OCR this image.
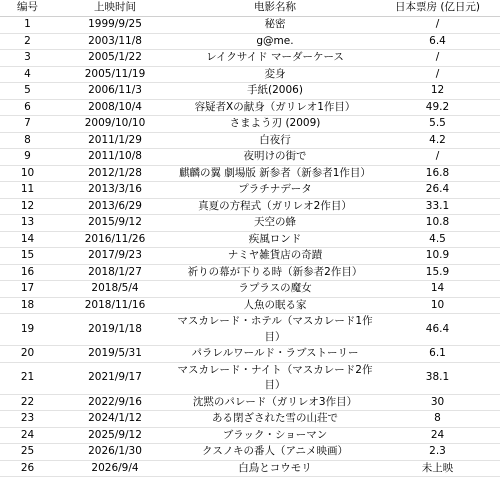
编号	上映时间	电影名称	日本票房 (亿日元)
1	1999/9/25	秘密	/
2	2003/11/8	g@me.	6.4
3	2005/1/22	レイクサイド マーダーケース	/
4	2005/11/19	変身	/
5	2006/11/3	手紙(2006)	12
6	2008/10/4	容疑者Xの献身（ガリレオ1作目）	49.2
7	2009/10/10	さまよう刃 (2009)	5.5
8	2011/1/29	白夜行	4.2
9	2011/10/8	夜明けの街で	/
10	2012/1/28	麒麟の翼 劇場版 新参者（新参者1作目）	16.8
11	2013/3/16	プラチナデータ	26.4
12	2013/6/29	真夏の方程式（ガリレオ2作目）	33.1
13	2015/9/12	天空の蜂	10.8
14	2016/11/26	疾風ロンド	4.5
15	2017/9/23	ナミヤ雑貨店の奇蹟	10.9
16	2018/1/27	祈りの幕が下りる時（新参者2作目）	15.9
17	2018/5/4	ラプラスの魔女	14
18	2018/11/16	人魚の眠る家	10
19	2019/1/18	マスカレード・ホテル（マスカレード1作目）	46.4
20	2019/5/31	パラレルワールド・ラブストーリー	6.1
21	2021/9/17	マスカレード・ナイト（マスカレード2作目）	38.1
22	2022/9/16	沈黙のパレード（ガリレオ3作目）	30
23	2024/1/12	ある閉ざされた雪の山荘で	8
24	2025/9/12	ブラック・ショーマン	24
25	2026/1/30	クスノキの番人（アニメ映画）	2.3
26	2026/9/4	白鳥とコウモリ	未上映
